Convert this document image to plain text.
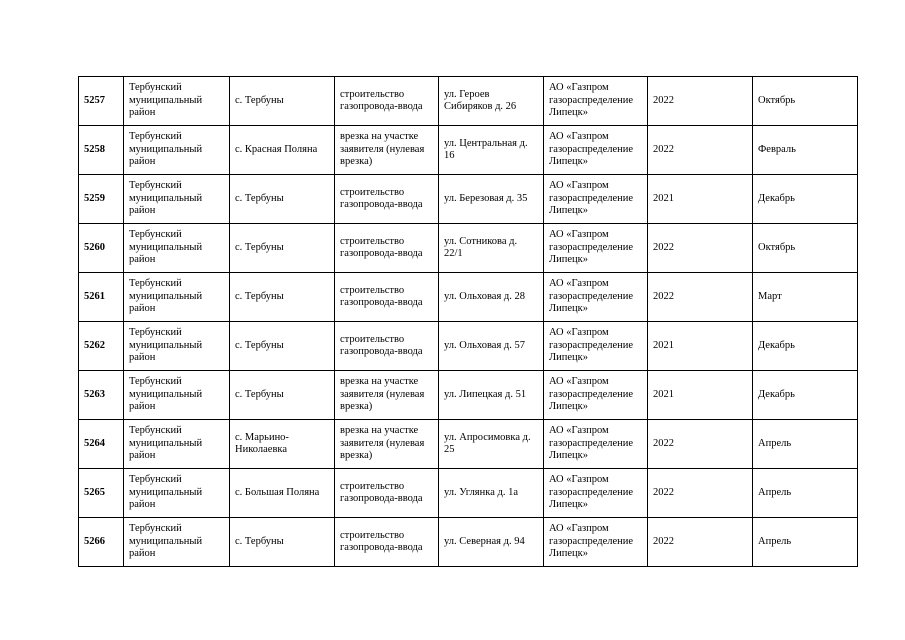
5257	Тербунский муниципальный район	с. Тербуны	строительство газопровода-ввода	ул. Героев Сибиряков д. 26	АО «Газпром газораспределение Липецк»	2022	Октябрь
5258	Тербунский муниципальный район	с. Красная Поляна	врезка на участке заявителя (нулевая врезка)	ул. Центральная д. 16	АО «Газпром газораспределение Липецк»	2022	Февраль
5259	Тербунский муниципальный район	с. Тербуны	строительство газопровода-ввода	ул. Березовая д. 35	АО «Газпром газораспределение Липецк»	2021	Декабрь
5260	Тербунский муниципальный район	с. Тербуны	строительство газопровода-ввода	ул. Сотникова д. 22/1	АО «Газпром газораспределение Липецк»	2022	Октябрь
5261	Тербунский муниципальный район	с. Тербуны	строительство газопровода-ввода	ул. Ольховая д. 28	АО «Газпром газораспределение Липецк»	2022	Март
5262	Тербунский муниципальный район	с. Тербуны	строительство газопровода-ввода	ул. Ольховая д. 57	АО «Газпром газораспределение Липецк»	2021	Декабрь
5263	Тербунский муниципальный район	с. Тербуны	врезка на участке заявителя (нулевая врезка)	ул. Липецкая д. 51	АО «Газпром газораспределение Липецк»	2021	Декабрь
5264	Тербунский муниципальный район	с. Марьино-Николаевка	врезка на участке заявителя (нулевая врезка)	ул. Апросимовка д. 25	АО «Газпром газораспределение Липецк»	2022	Апрель
5265	Тербунский муниципальный район	с. Большая Поляна	строительство газопровода-ввода	ул. Углянка д. 1а	АО «Газпром газораспределение Липецк»	2022	Апрель
5266	Тербунский муниципальный район	с. Тербуны	строительство газопровода-ввода	ул. Северная д. 94	АО «Газпром газораспределение Липецк»	2022	Апрель
